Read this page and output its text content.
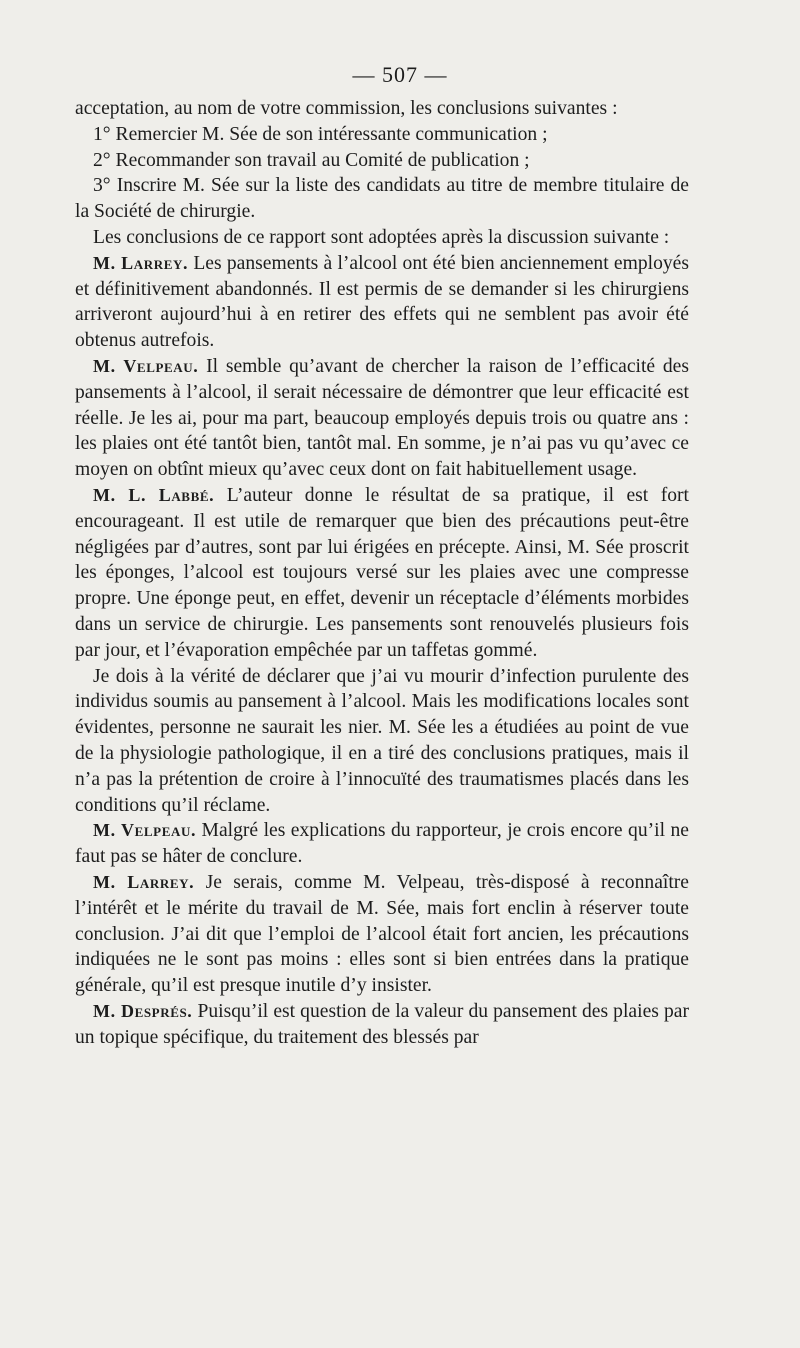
— 507 —

acceptation, au nom de votre commission, les conclusions suivantes :

1° Remercier M. Sée de son intéressante communication ;

2° Recommander son travail au Comité de publication ;

3° Inscrire M. Sée sur la liste des candidats au titre de membre titulaire de la Société de chirurgie.

Les conclusions de ce rapport sont adoptées après la discussion suivante :

M. Larrey. Les pansements à l’alcool ont été bien anciennement employés et définitivement abandonnés. Il est permis de se demander si les chirurgiens arriveront aujourd’hui à en retirer des effets qui ne semblent pas avoir été obtenus autrefois.

M. Velpeau. Il semble qu’avant de chercher la raison de l’efficacité des pansements à l’alcool, il serait nécessaire de démontrer que leur efficacité est réelle. Je les ai, pour ma part, beaucoup employés depuis trois ou quatre ans : les plaies ont été tantôt bien, tantôt mal. En somme, je n’ai pas vu qu’avec ce moyen on obtînt mieux qu’avec ceux dont on fait habituellement usage.

M. L. Labbé. L’auteur donne le résultat de sa pratique, il est fort encourageant. Il est utile de remarquer que bien des précautions peut-être négligées par d’autres, sont par lui érigées en précepte. Ainsi, M. Sée proscrit les éponges, l’alcool est toujours versé sur les plaies avec une compresse propre. Une éponge peut, en effet, devenir un réceptacle d’éléments morbides dans un service de chirurgie. Les pansements sont renouvelés plusieurs fois par jour, et l’évaporation empêchée par un taffetas gommé.

Je dois à la vérité de déclarer que j’ai vu mourir d’infection purulente des individus soumis au pansement à l’alcool. Mais les modifications locales sont évidentes, personne ne saurait les nier. M. Sée les a étudiées au point de vue de la physiologie pathologique, il en a tiré des conclusions pratiques, mais il n’a pas la prétention de croire à l’innocuïté des traumatismes placés dans les conditions qu’il réclame.

M. Velpeau. Malgré les explications du rapporteur, je crois encore qu’il ne faut pas se hâter de conclure.

M. Larrey. Je serais, comme M. Velpeau, très-disposé à reconnaître l’intérêt et le mérite du travail de M. Sée, mais fort enclin à réserver toute conclusion. J’ai dit que l’emploi de l’alcool était fort ancien, les précautions indiquées ne le sont pas moins : elles sont si bien entrées dans la pratique générale, qu’il est presque inutile d’y insister.

M. Després. Puisqu’il est question de la valeur du pansement des plaies par un topique spécifique, du traitement des blessés par
